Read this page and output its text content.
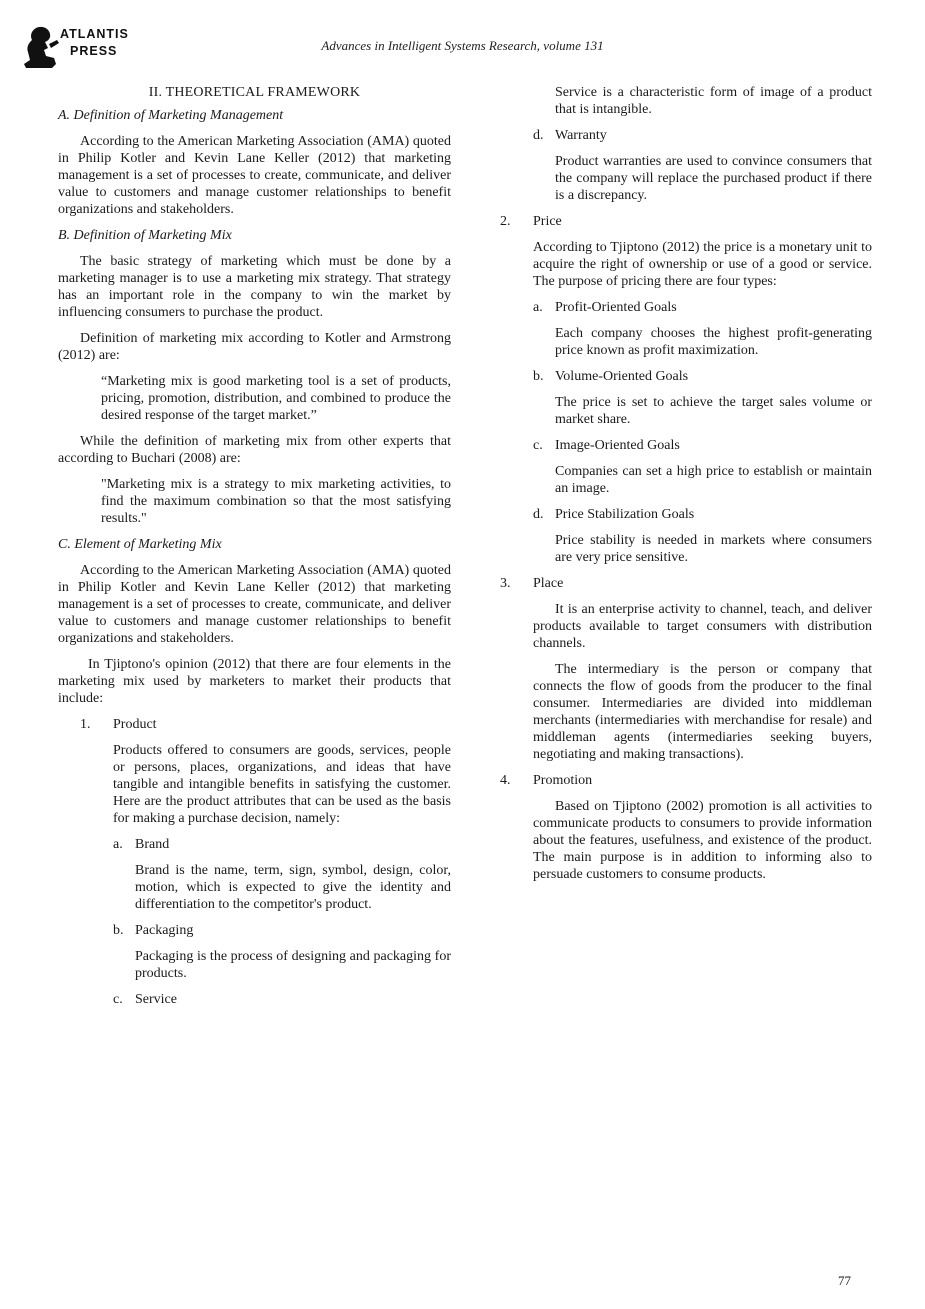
ATLANTIS
PRESS	Advances in Intelligent Systems Research, volume 131
II. THEORETICAL FRAMEWORK
A. Definition of Marketing Management

According to the American Marketing Association (AMA) quoted in Philip Kotler and Kevin Lane Keller (2012) that marketing management is a set of processes to create, communicate, and deliver value to customers and manage customer relationships to benefit organizations and stakeholders.

B. Definition of Marketing Mix

The basic strategy of marketing which must be done by a marketing manager is to use a marketing mix strategy. That strategy has an important role in the company to win the market by influencing consumers to purchase the product.

Definition of marketing mix according to Kotler and Armstrong (2012) are:

“Marketing mix is good marketing tool is a set of products, pricing, promotion, distribution, and combined to produce the desired response of the target market.”

While the definition of marketing mix from other experts that according to Buchari (2008) are:

"Marketing mix is a strategy to mix marketing activities, to find the maximum combination so that the most satisfying results."

C. Element of Marketing Mix

According to the American Marketing Association (AMA) quoted in Philip Kotler and Kevin Lane Keller (2012) that marketing management is a set of processes to create, communicate, and deliver value to customers and manage customer relationships to benefit organizations and stakeholders.

In Tjiptono's opinion (2012) that there are four elements in the marketing mix used by marketers to market their products that include:

1. Product

Products offered to consumers are goods, services, people or persons, places, organizations, and ideas that have tangible and intangible benefits in satisfying the customer. Here are the product attributes that can be used as the basis for making a purchase decision, namely:

a. Brand

Brand is the name, term, sign, symbol, design, color, motion, which is expected to give the identity and differentiation to the competitor's product.

b. Packaging

Packaging is the process of designing and packaging for products.

c. Service

Service is a characteristic form of image of a product that is intangible.

d. Warranty

Product warranties are used to convince consumers that the company will replace the purchased product if there is a discrepancy.

2. Price

According to Tjiptono (2012) the price is a monetary unit to acquire the right of ownership or use of a good or service. The purpose of pricing there are four types:

a. Profit-Oriented Goals

Each company chooses the highest profit-generating price known as profit maximization.

b. Volume-Oriented Goals

The price is set to achieve the target sales volume or market share.

c. Image-Oriented Goals

Companies can set a high price to establish or maintain an image.

d. Price Stabilization Goals

Price stability is needed in markets where consumers are very price sensitive.

3. Place

It is an enterprise activity to channel, teach, and deliver products available to target consumers with distribution channels.

The intermediary is the person or company that connects the flow of goods from the producer to the final consumer. Intermediaries are divided into middleman merchants (intermediaries with merchandise for resale) and middleman agents (intermediaries seeking buyers, negotiating and making transactions).

4. Promotion

Based on Tjiptono (2002) promotion is all activities to communicate products to consumers to provide information about the features, usefulness, and existence of the product. The main purpose is in addition to informing also to persuade customers to consume products.

77
